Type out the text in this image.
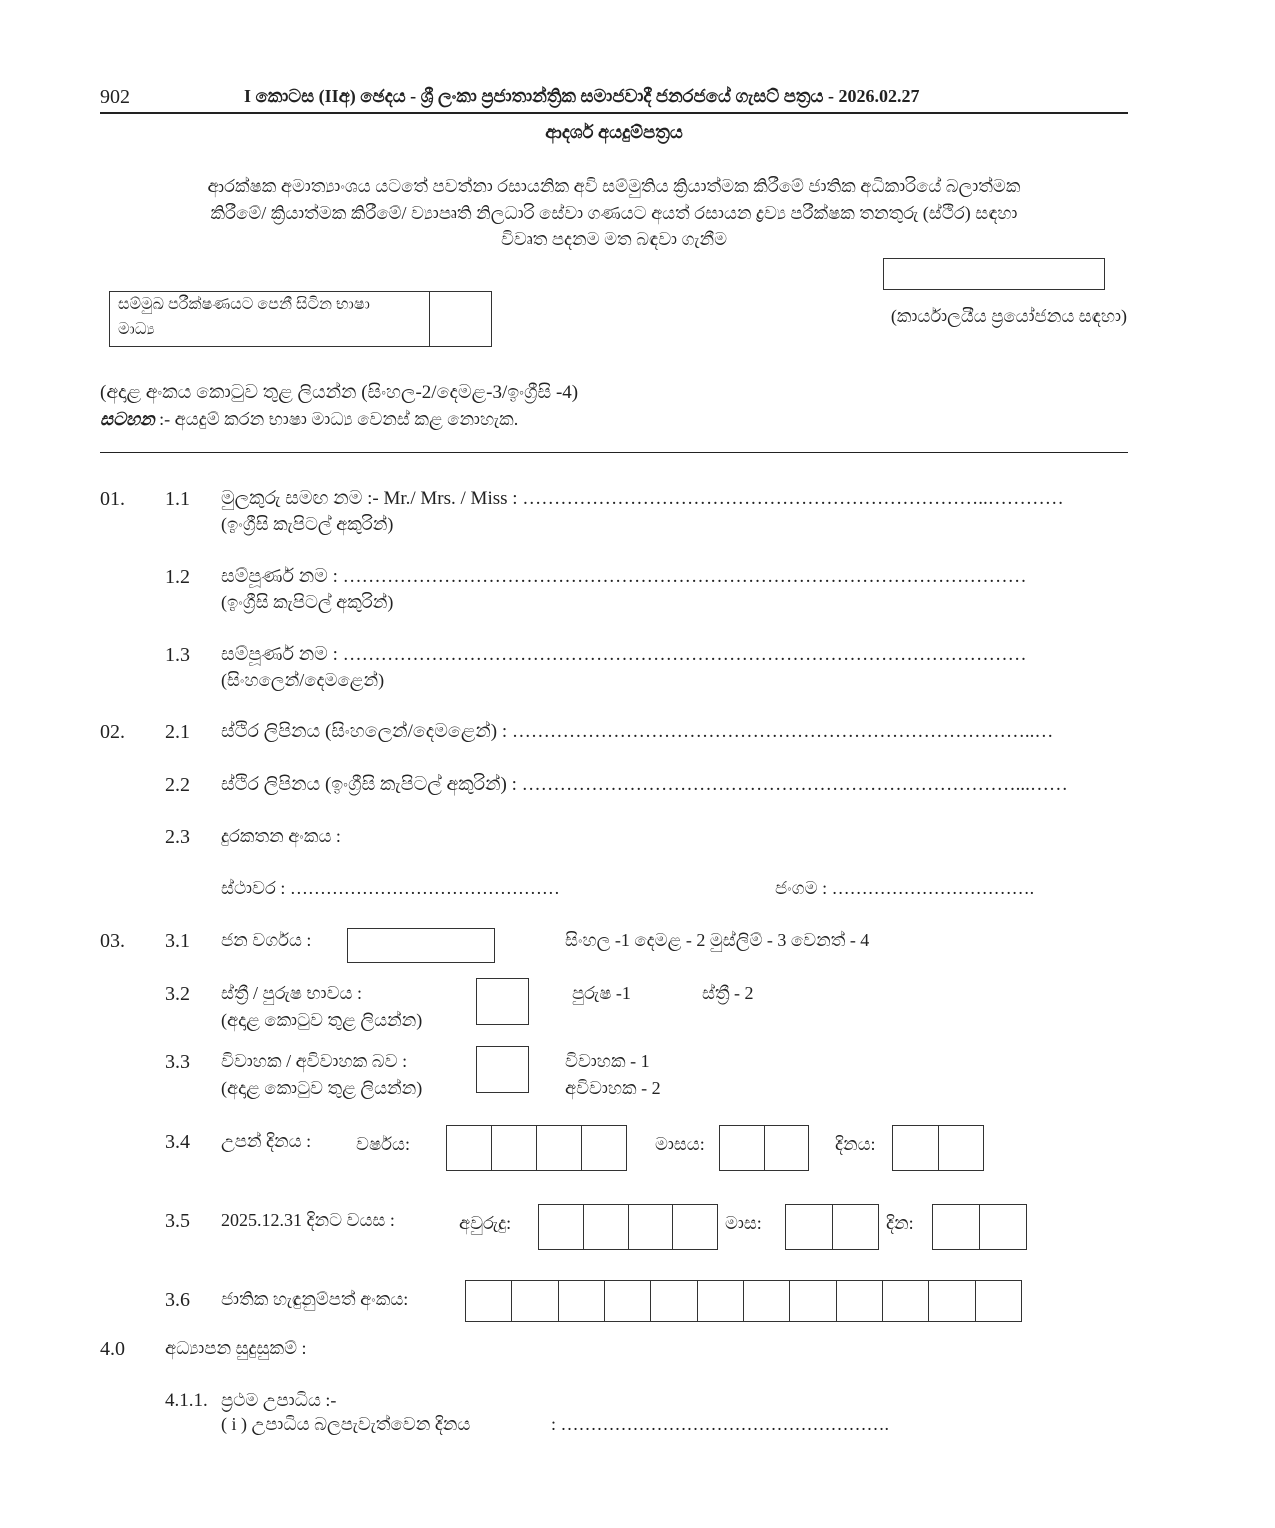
902	I කොටස (IIඅ) ඡෙදය - ශ්‍රී ලංකා ප්‍රජාතාන්ත්‍රික සමාජවාදී ජනරජයේ ගැසට් පත්‍රය - 2026.02.27
ආදර්ශ අයදුම්පත්‍රය
ආරක්ෂක අමාත්‍යාංශය යටතේ පවත්නා රසායනික අවි සම්මුතිය ක්‍රියාත්මක කිරීමේ ජාතික අධිකාරියේ බලාත්මක
කිරීමේ/ ක්‍රියාත්මක කිරීමේ/ ව්‍යාපෘති නිලධාරි සේවා ගණයට අයත් රසායන ද්‍රව්‍ය පරීක්ෂක තනතුරු (ස්ථිර) සඳහා
විවෘත පදනම මත බඳවා ගැනීම
(කාර්යාලයීය ප්‍රයෝජනය සඳහා)
සම්මුඛ පරීක්ෂණයට පෙනී සිටින භාෂා
මාධ්‍ය
(අදාළ අංකය කොටුව තුළ ලියන්න (සිංහල-2/දෙමළ-3/ඉංග්‍රීසි -4)
සටහන :- අයදුම් කරන භාෂා මාධ්‍ය වෙනස් කළ නොහැක.
01. 1.1 මුලකුරු සමඟ නම :- Mr./ Mrs. / Miss : ………………………………………………………………..…………
(ඉංග්‍රීසි කැපිටල් අකුරින්)
1.2 සම්පූර්ණ නම : ………………………………………………………………………………………………
(ඉංග්‍රීසි කැපිටල් අකුරින්)
1.3 සම්පූර්ණ නම : ………………………………………………………………………………………………
(සිංහලෙන්/දෙමළෙන්)
02. 2.1 ස්ථිර ලිපිනය (සිංහලෙන්/දෙමළෙන්) : ………………………………………………………………………..…
2.2 ස්ථිර ලිපිනය (ඉංග්‍රීසි කැපිටල් අකුරින්) : ……………………………………………………………………...……
2.3 දුරකතන අංකය :
ස්ථාවර : ………………………………………	ජංගම : …………………………….
03. 3.1 ජන වර්ගය :	සිංහල -1 දෙමළ - 2 මුස්ලිම් - 3 වෙනත් - 4
3.2 ස්ත්‍රී / පුරුෂ භාවය :
(අදාළ කොටුව තුළ ලියන්න)
පුරුෂ -1	ස්ත්‍රී - 2
3.3 විවාහක / අවිවාහක බව :
(අදාළ කොටුව තුළ ලියන්න)
විවාහක - 1
අවිවාහක - 2
3.4 උපන් දිනය : වර්ෂය:	මාසය:	දිනය:
3.5 2025.12.31 දිනට වයස :	අවුරුදු:	මාස:	දින:
3.6 ජාතික හැඳුනුම්පත් අංකය:
4.0 අධ්‍යාපන සුදුසුකම් :
4.1.1. ප්‍රථම උපාධිය :-
( i ) උපාධිය බලපැවැත්වෙන දිනය	: ……………………………………………….
